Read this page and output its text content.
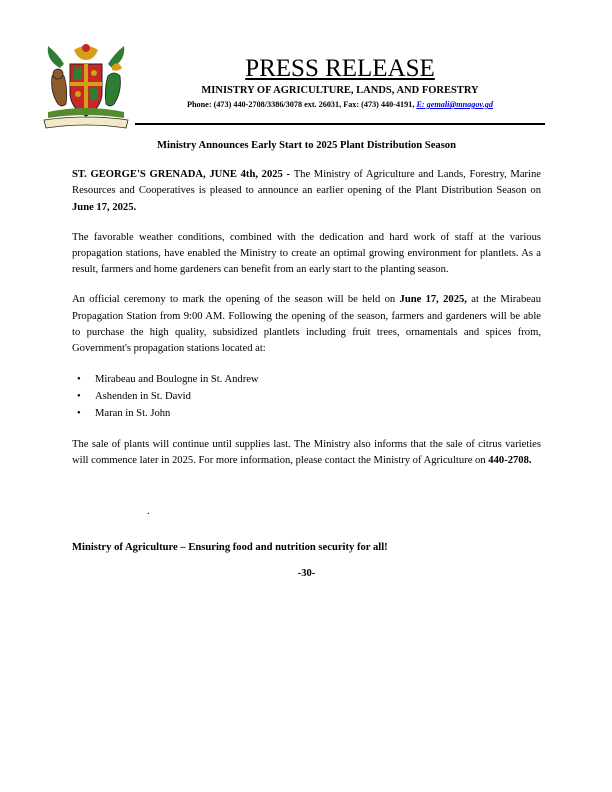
PRESS RELEASE
MINISTRY OF AGRICULTURE, LANDS, AND FORESTRY
Phone: (473) 440-2708/3386/3078 ext. 26031, Fax: (473) 440-4191, E: gemali@mnagov.gd

Ministry Announces Early Start to 2025 Plant Distribution Season

ST. GEORGE'S GRENADA, JUNE 4th, 2025 - The Ministry of Agriculture and Lands, Forestry, Marine Resources and Cooperatives is pleased to announce an earlier opening of the Plant Distribution Season on June 17, 2025.

The favorable weather conditions, combined with the dedication and hard work of staff at the various propagation stations, have enabled the Ministry to create an optimal growing environment for plantlets. As a result, farmers and home gardeners can benefit from an early start to the planting season.

An official ceremony to mark the opening of the season will be held on June 17, 2025, at the Mirabeau Propagation Station from 9:00 AM. Following the opening of the season, farmers and gardeners will be able to purchase the high quality, subsidized plantlets including fruit trees, ornamentals and spices from, Government's propagation stations located at:

• Mirabeau and Boulogne in St. Andrew
• Ashenden in St. David
• Maran in St. John

The sale of plants will continue until supplies last. The Ministry also informs that the sale of citrus varieties will commence later in 2025. For more information, please contact the Ministry of Agriculture on 440-2708.

.

Ministry of Agriculture – Ensuring food and nutrition security for all!

-30-
